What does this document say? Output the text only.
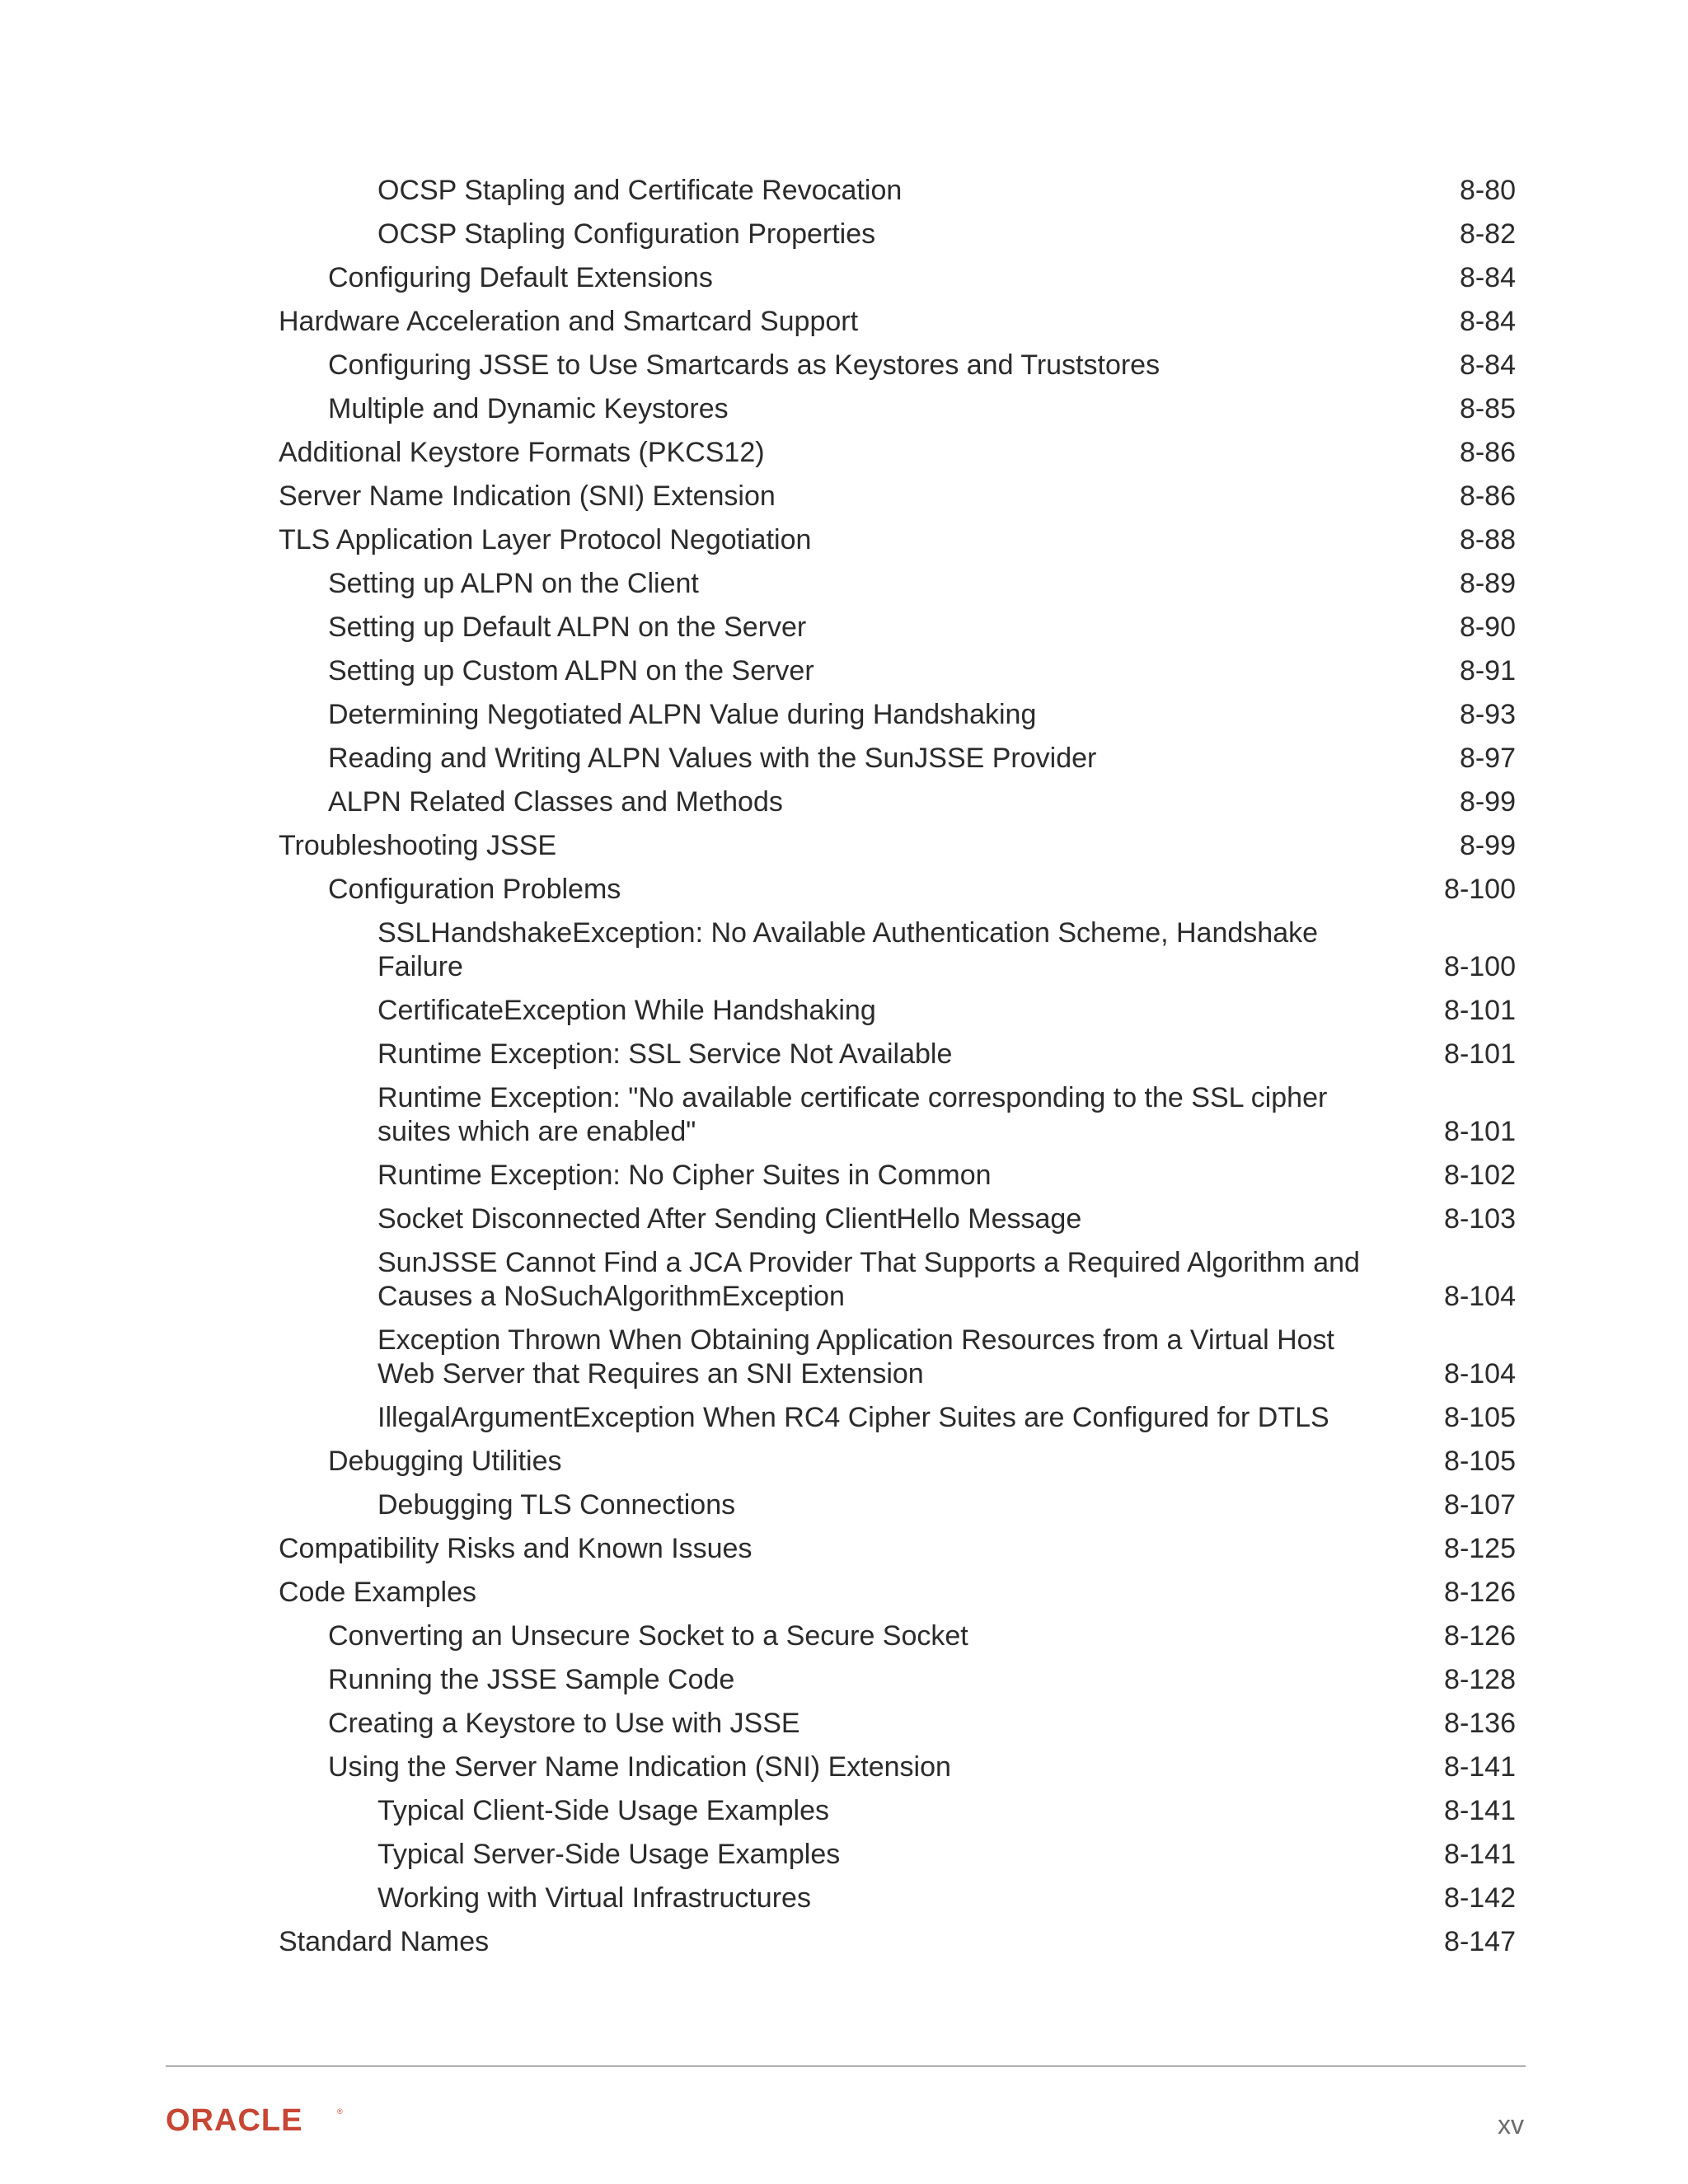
OCSP Stapling and Certificate Revocation	8-80
OCSP Stapling Configuration Properties	8-82
Configuring Default Extensions	8-84
Hardware Acceleration and Smartcard Support	8-84
Configuring JSSE to Use Smartcards as Keystores and Truststores	8-84
Multiple and Dynamic Keystores	8-85
Additional Keystore Formats (PKCS12)	8-86
Server Name Indication (SNI) Extension	8-86
TLS Application Layer Protocol Negotiation	8-88
Setting up ALPN on the Client	8-89
Setting up Default ALPN on the Server	8-90
Setting up Custom ALPN on the Server	8-91
Determining Negotiated ALPN Value during Handshaking	8-93
Reading and Writing ALPN Values with the SunJSSE Provider	8-97
ALPN Related Classes and Methods	8-99
Troubleshooting JSSE	8-99
Configuration Problems	8-100
SSLHandshakeException: No Available Authentication Scheme, Handshake Failure	8-100
CertificateException While Handshaking	8-101
Runtime Exception: SSL Service Not Available	8-101
Runtime Exception: "No available certificate corresponding to the SSL cipher suites which are enabled"	8-101
Runtime Exception: No Cipher Suites in Common	8-102
Socket Disconnected After Sending ClientHello Message	8-103
SunJSSE Cannot Find a JCA Provider That Supports a Required Algorithm and Causes a NoSuchAlgorithmException	8-104
Exception Thrown When Obtaining Application Resources from a Virtual Host Web Server that Requires an SNI Extension	8-104
IllegalArgumentException When RC4 Cipher Suites are Configured for DTLS	8-105
Debugging Utilities	8-105
Debugging TLS Connections	8-107
Compatibility Risks and Known Issues	8-125
Code Examples	8-126
Converting an Unsecure Socket to a Secure Socket	8-126
Running the JSSE Sample Code	8-128
Creating a Keystore to Use with JSSE	8-136
Using the Server Name Indication (SNI) Extension	8-141
Typical Client-Side Usage Examples	8-141
Typical Server-Side Usage Examples	8-141
Working with Virtual Infrastructures	8-142
Standard Names	8-147
ORACLE	®	xv
